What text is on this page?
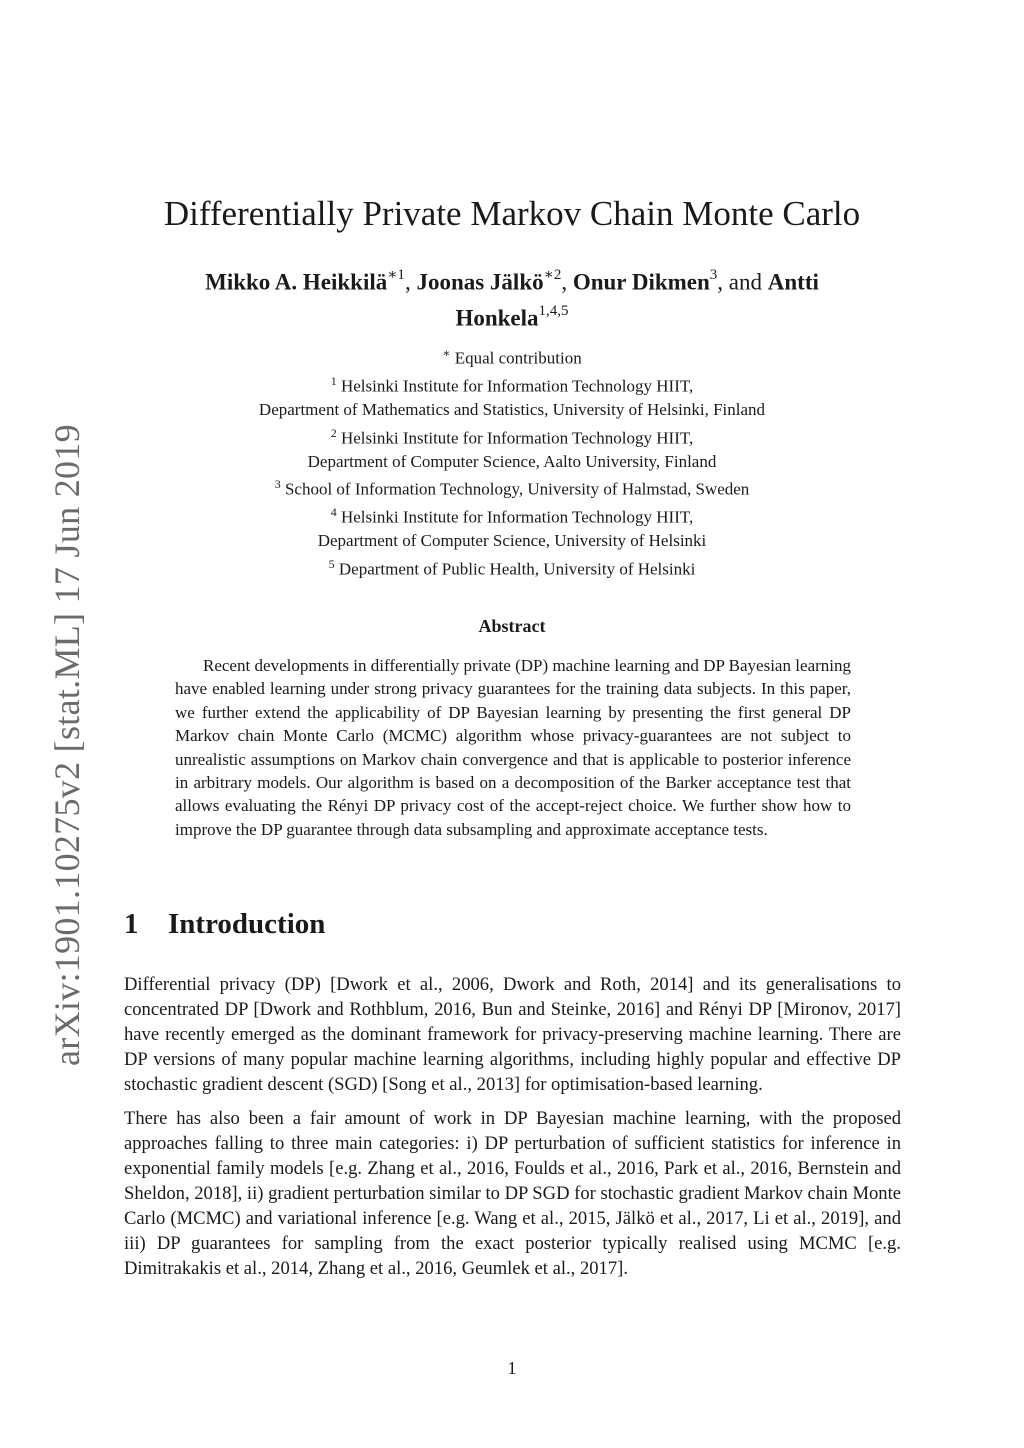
arXiv:1901.10275v2 [stat.ML] 17 Jun 2019
Differentially Private Markov Chain Monte Carlo
Mikko A. Heikkilä$^{∗1}$, Joonas Jälkö$^{∗2}$, Onur Dikmen$^3$, and Antti Honkela$^{1,4,5}$
∗ Equal contribution
$^1$ Helsinki Institute for Information Technology HIIT,
Department of Mathematics and Statistics, University of Helsinki, Finland
$^2$ Helsinki Institute for Information Technology HIIT,
Department of Computer Science, Aalto University, Finland
$^3$ School of Information Technology, University of Halmstad, Sweden
$^4$ Helsinki Institute for Information Technology HIIT,
Department of Computer Science, University of Helsinki
$^5$ Department of Public Health, University of Helsinki
Abstract
Recent developments in differentially private (DP) machine learning and DP Bayesian learning have enabled learning under strong privacy guarantees for the training data subjects. In this paper, we further extend the applicability of DP Bayesian learning by presenting the first general DP Markov chain Monte Carlo (MCMC) algorithm whose privacy-guarantees are not subject to unrealistic assumptions on Markov chain convergence and that is applicable to posterior inference in arbitrary models. Our algorithm is based on a decomposition of the Barker acceptance test that allows evaluating the Rényi DP privacy cost of the accept-reject choice. We further show how to improve the DP guarantee through data subsampling and approximate acceptance tests.
1 Introduction

Differential privacy (DP) [Dwork et al., 2006, Dwork and Roth, 2014] and its generalisations to concentrated DP [Dwork and Rothblum, 2016, Bun and Steinke, 2016] and Rényi DP [Mironov, 2017] have recently emerged as the dominant framework for privacy-preserving machine learning. There are DP versions of many popular machine learning algorithms, including highly popular and effective DP stochastic gradient descent (SGD) [Song et al., 2013] for optimisation-based learning.

There has also been a fair amount of work in DP Bayesian machine learning, with the proposed approaches falling to three main categories: i) DP perturbation of sufficient statistics for inference in exponential family models [e.g. Zhang et al., 2016, Foulds et al., 2016, Park et al., 2016, Bernstein and Sheldon, 2018], ii) gradient perturbation similar to DP SGD for stochastic gradient Markov chain Monte Carlo (MCMC) and variational inference [e.g. Wang et al., 2015, Jälkö et al., 2017, Li et al., 2019], and iii) DP guarantees for sampling from the exact posterior typically realised using MCMC [e.g. Dimitrakakis et al., 2014, Zhang et al., 2016, Geumlek et al., 2017].

1
